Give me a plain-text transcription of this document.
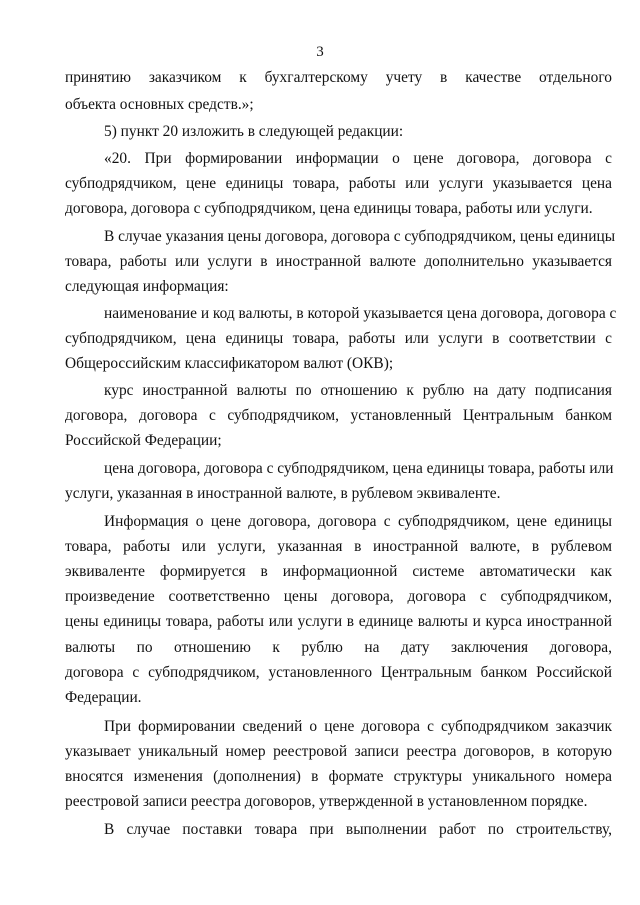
3
принятию заказчиком к бухгалтерскому учету в качестве отдельного
объекта основных средств.»;
5) пункт 20 изложить в следующей редакции:
«20. При формировании информации о цене договора, договора с
субподрядчиком, цене единицы товара, работы или услуги указывается цена
договора, договора с субподрядчиком, цена единицы товара, работы или услуги.
В случае указания цены договора, договора с субподрядчиком, цены единицы
товара, работы или услуги в иностранной валюте дополнительно указывается
следующая информация:
наименование и код валюты, в которой указывается цена договора, договора с
субподрядчиком, цена единицы товара, работы или услуги в соответствии с
Общероссийским классификатором валют (ОКВ);
курс иностранной валюты по отношению к рублю на дату подписания
договора, договора с субподрядчиком, установленный Центральным банком
Российской Федерации;
цена договора, договора с субподрядчиком, цена единицы товара, работы или
услуги, указанная в иностранной валюте, в рублевом эквиваленте.
Информация о цене договора, договора с субподрядчиком, цене единицы
товара, работы или услуги, указанная в иностранной валюте, в рублевом
эквиваленте формируется в информационной системе автоматически как
произведение соответственно цены договора, договора с субподрядчиком,
цены единицы товара, работы или услуги в единице валюты и курса иностранной
валюты по отношению к рублю на дату заключения договора,
договора с субподрядчиком, установленного Центральным банком Российской
Федерации.
При формировании сведений о цене договора с субподрядчиком заказчик
указывает уникальный номер реестровой записи реестра договоров, в которую
вносятся изменения (дополнения) в формате структуры уникального номера
реестровой записи реестра договоров, утвержденной в установленном порядке.
В случае поставки товара при выполнении работ по строительству,
